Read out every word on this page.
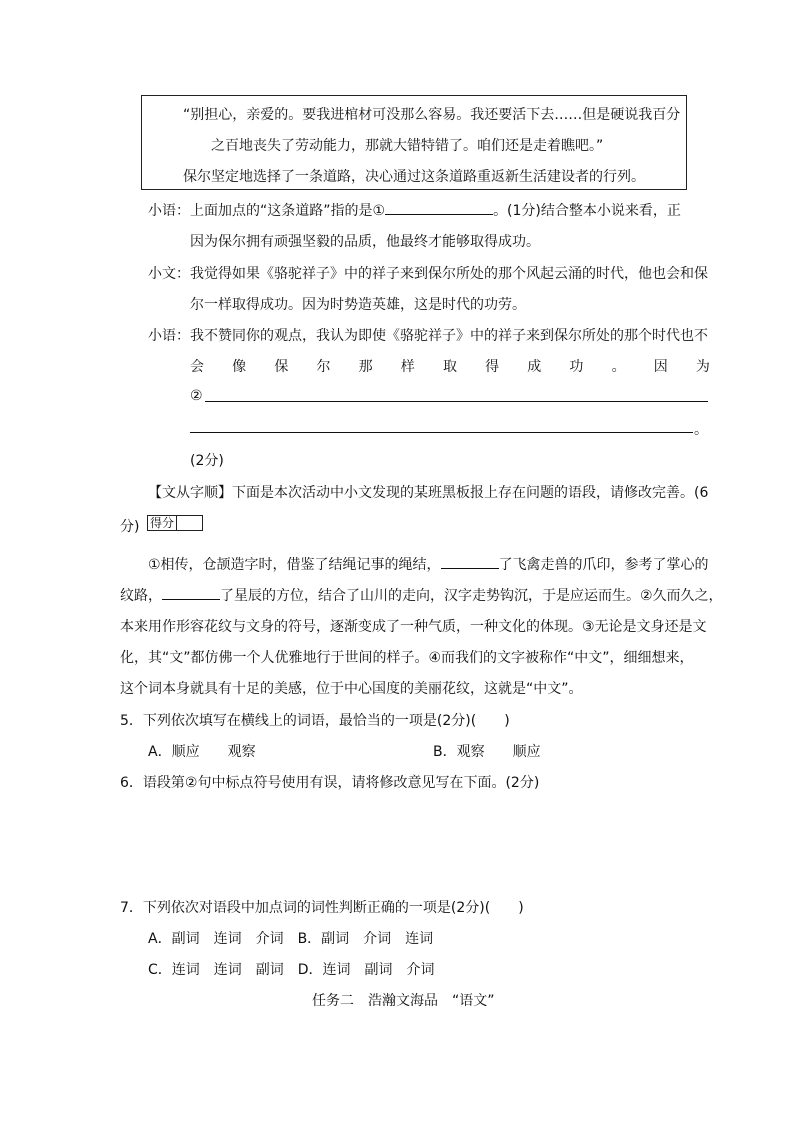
“别担心，亲爱的。要我进棺材可没那么容易。我还要活下去……但是硬说我百分
之百地丧失了劳动能力，那就大错特错了。咱们还是走着瞧吧。”
保尔坚定地选择了一条道路，决心通过这条道路重返新生活建设者的行列。
小语：上面加点的“这条道路”指的是①	。(1分)结合整本小说来看，正
因为保尔拥有顽强坚毅的品质，他最终才能够取得成功。
小文：我觉得如果《骆驼祥子》中的祥子来到保尔所处的那个风起云涌的时代，他也会和保
尔一样取得成功。因为时势造英雄，这是时代的功劳。
小语：我不赞同你的观点，我认为即使《骆驼祥子》中的祥子来到保尔所处的那个时代也不
会 像 保 尔 那 样 取 得 成 功 。 因 为
②
。
(2分)
【文从字顺】下面是本次活动中小文发现的某班黑板报上存在问题的语段，请修改完善。(6
分) 得分
①相传，仓颉造字时，借鉴了结绳记事的绳结，	了飞禽走兽的爪印，参考了掌心的
纹路，	了星辰的方位，结合了山川的走向，汉字走势钩沉，于是应运而生。②久而久之，
本来用作形容花纹与文身的符号，逐渐变成了一种气质，一种文化的体现。③无论是文身还是文
化，其“文”都仿佛一个人优雅地行于世间的样子。④而我们的文字被称作“中文”，细细想来，
这个词本身就具有十足的美感，位于中心国度的美丽花纹，这就是“中文”。
5．下列依次填写在横线上的词语，最恰当的一项是(2分)(　　)
A．顺应　　观察	B．观察　　顺应
6．语段第②句中标点符号使用有误，请将修改意见写在下面。(2分)
7．下列依次对语段中加点词的词性判断正确的一项是(2分)(　　)
A．副词　连词　介词　B．副词　介词　连词
C．连词　连词　副词　D．连词　副词　介词
任务二　浩瀚文海品　“语文”
